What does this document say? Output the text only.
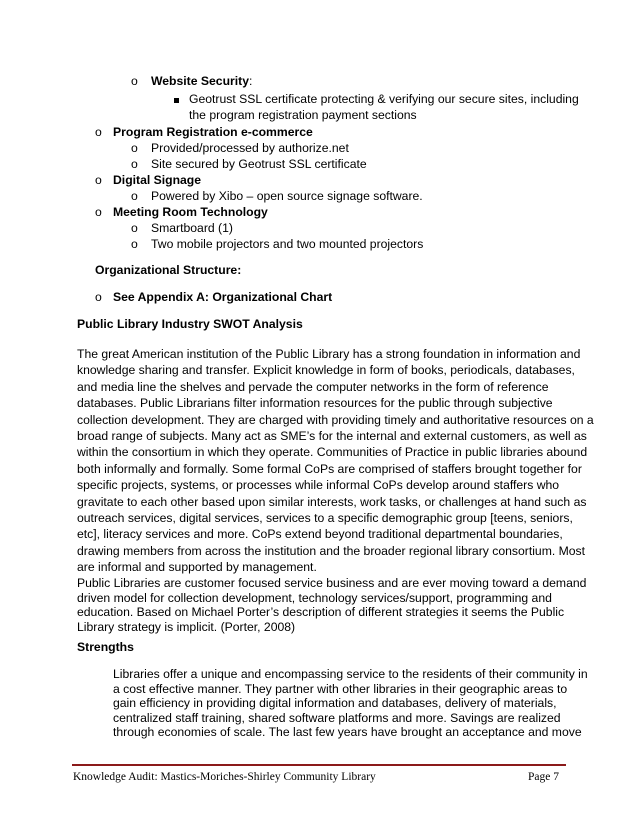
o Website Security:
Geotrust SSL certificate protecting & verifying our secure sites, including
the program registration payment sections
o Program Registration e-commerce
o Provided/processed by authorize.net
o Site secured by Geotrust SSL certificate
o Digital Signage
o Powered by Xibo – open source signage software.
o Meeting Room Technology
o Smartboard (1)
o Two mobile projectors and two mounted projectors
Organizational Structure:
o See Appendix A: Organizational Chart
Public Library Industry SWOT Analysis
The great American institution of the Public Library has a strong foundation in information and
knowledge sharing and transfer. Explicit knowledge in form of books, periodicals, databases,
and media line the shelves and pervade the computer networks in the form of reference
databases. Public Librarians filter information resources for the public through subjective
collection development. They are charged with providing timely and authoritative resources on a
broad range of subjects. Many act as SME’s for the internal and external customers, as well as
within the consortium in which they operate. Communities of Practice in public libraries abound
both informally and formally. Some formal CoPs are comprised of staffers brought together for
specific projects, systems, or processes while informal CoPs develop around staffers who
gravitate to each other based upon similar interests, work tasks, or challenges at hand such as
outreach services, digital services, services to a specific demographic group [teens, seniors,
etc], literacy services and more. CoPs extend beyond traditional departmental boundaries,
drawing members from across the institution and the broader regional library consortium. Most
are informal and supported by management.
Public Libraries are customer focused service business and are ever moving toward a demand
driven model for collection development, technology services/support, programming and
education. Based on Michael Porter’s description of different strategies it seems the Public
Library strategy is implicit. (Porter, 2008)
Strengths
Libraries offer a unique and encompassing service to the residents of their community in
a cost effective manner. They partner with other libraries in their geographic areas to
gain efficiency in providing digital information and databases, delivery of materials,
centralized staff training, shared software platforms and more. Savings are realized
through economies of scale. The last few years have brought an acceptance and move
Knowledge Audit: Mastics-Moriches-Shirley Community Library	Page 7
